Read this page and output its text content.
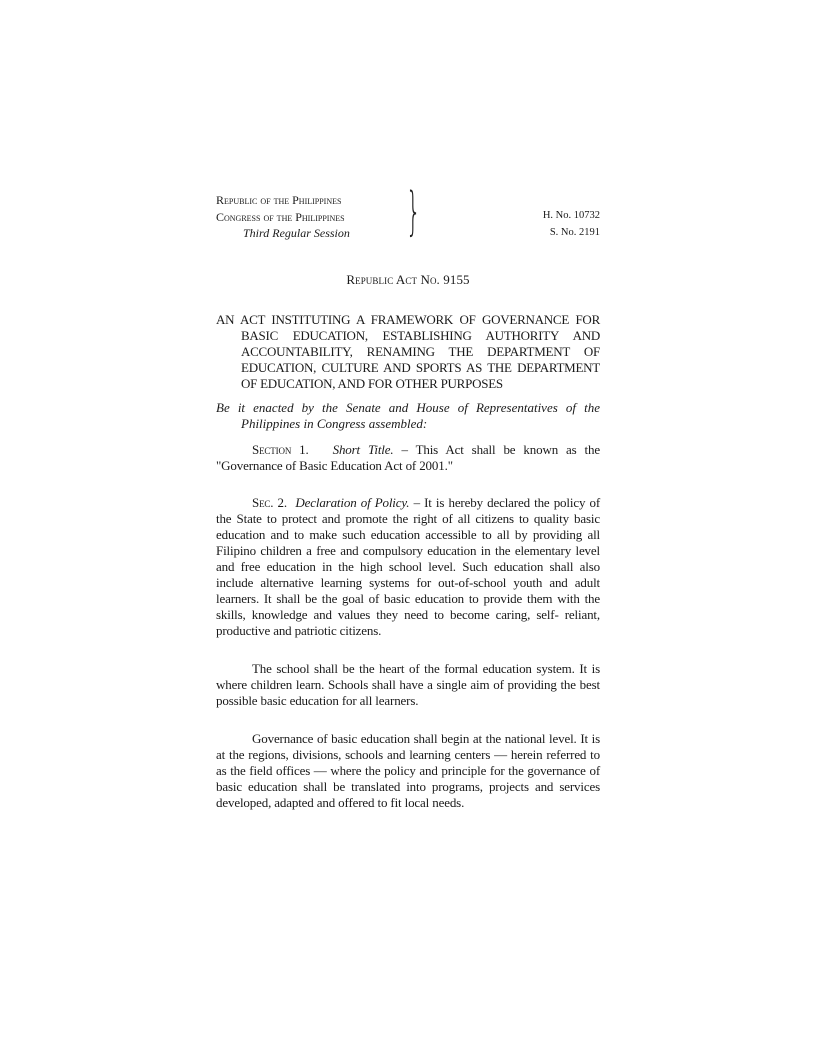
Republic of the Philippines
Congress of the Philippines
Third Regular Session }	H. No. 10732
S. No. 2191
Republic Act No. 9155
AN ACT INSTITUTING A FRAMEWORK OF GOVERNANCE FOR BASIC EDUCATION, ESTABLISHING AUTHORITY AND ACCOUNTABILITY, RENAMING THE DEPARTMENT OF EDUCATION, CULTURE AND SPORTS AS THE DEPARTMENT OF EDUCATION, AND FOR OTHER PURPOSES
Be it enacted by the Senate and House of Representatives of the Philippines in Congress assembled:

Section 1. Short Title. – This Act shall be known as the "Governance of Basic Education Act of 2001."

Sec. 2. Declaration of Policy. – It is hereby declared the policy of the State to protect and promote the right of all citizens to quality basic education and to make such education accessible to all by providing all Filipino children a free and compulsory education in the elementary level and free education in the high school level. Such education shall also include alternative learning systems for out-of-school youth and adult learners. It shall be the goal of basic education to provide them with the skills, knowledge and values they need to become caring, self- reliant, productive and patriotic citizens.

The school shall be the heart of the formal education system. It is where children learn. Schools shall have a single aim of providing the best possible basic education for all learners.

Governance of basic education shall begin at the national level. It is at the regions, divisions, schools and learning centers — herein referred to as the field offices — where the policy and principle for the governance of basic education shall be translated into programs, projects and services developed, adapted and offered to fit local needs.
